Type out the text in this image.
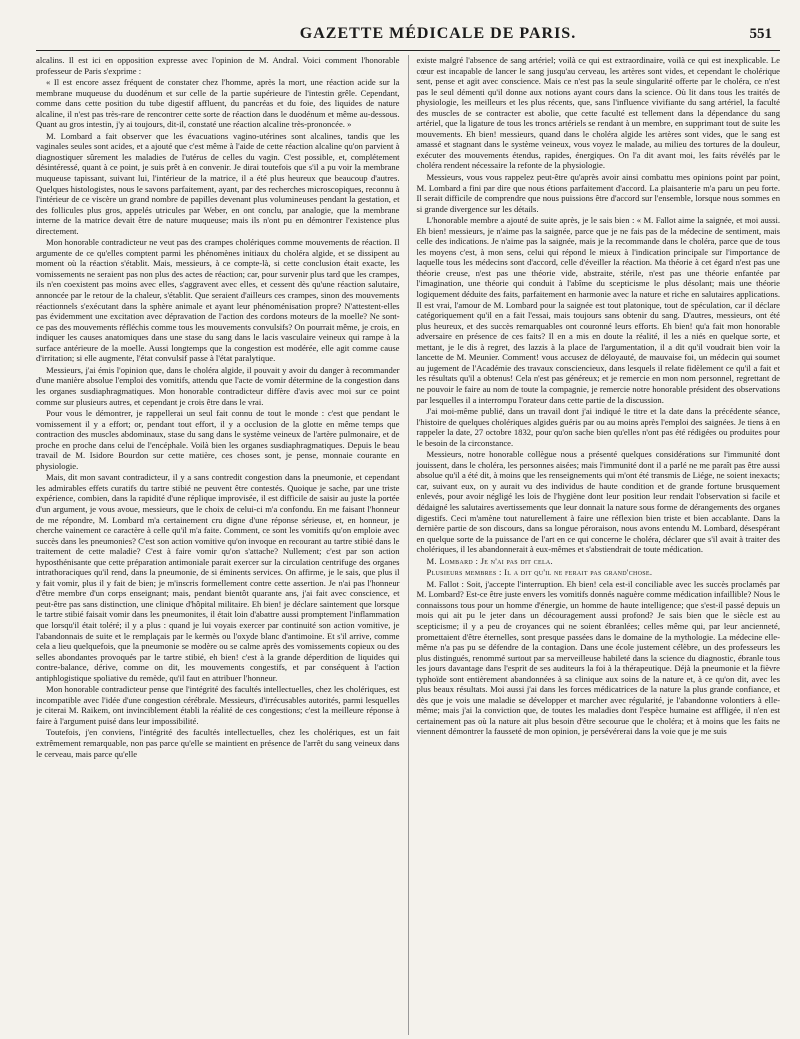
GAZETTE MÉDICALE DE PARIS.	551

alcalins. Il est ici en opposition expresse avec l'opinion de M. Andral. Voici comment l'honorable professeur de Paris s'exprime :

« Il est encore assez fréquent de constater chez l'homme, après la mort, une réaction acide sur la membrane muqueuse du duodénum et sur celle de la partie supérieure de l'intestin grêle. Cependant, comme dans cette position du tube digestif affluent, du pancréas et du foie, des liquides de nature alcaline, il n'est pas très-rare de rencontrer cette sorte de réaction dans le duodénum et même au-dessous. Quant au gros intestin, j'y ai toujours, dit-il, constaté une réaction alcaline très-prononcée. »

M. Lombard a fait observer que les évacuations vagino-utérines sont alcalines, tandis que les vaginales seules sont acides, et a ajouté que c'est même à l'aide de cette réaction alcaline qu'on parvient à diagnostiquer sûrement les maladies de l'utérus de celles du vagin. C'est possible, et, complétement désintéressé, quant à ce point, je suis prêt à en convenir. Je dirai toutefois que s'il a pu voir la membrane muqueuse tapissant, suivant lui, l'intérieur de la matrice, il a été plus heureux que beaucoup d'autres. Quelques histologistes, nous le savons parfaitement, ayant, par des recherches microscopiques, reconnu à l'intérieur de ce viscère un grand nombre de papilles devenant plus volumineuses pendant la gestation, et des follicules plus gros, appelés utricules par Weber, en ont conclu, par analogie, que la membrane interne de la matrice devait être de nature muqueuse; mais ils n'ont pu en démontrer l'existence plus directement.

Mon honorable contradicteur ne veut pas des crampes cholériques comme mouvements de réaction. Il argumente de ce qu'elles comptent parmi les phénomènes initiaux du choléra algide, et se dissipent au moment où la réaction s'établit. Mais, messieurs, à ce compte-là, si cette conclusion était exacte, les vomissements ne seraient pas non plus des actes de réaction; car, pour survenir plus tard que les crampes, ils n'en coexistent pas moins avec elles, s'aggravent avec elles, et cessent dès qu'une réaction salutaire, annoncée par le retour de la chaleur, s'établit. Que seraient d'ailleurs ces crampes, sinon des mouvements réactionnels s'exécutant dans la sphère animale et ayant leur phénoménisation propre? N'attestent-elles pas évidemment une excitation avec dépravation de l'action des cordons moteurs de la moelle? Ne sont-ce pas des mouvements réfléchis comme tous les mouvements convulsifs? On pourrait même, je crois, en indiquer les causes anatomiques dans une stase du sang dans le lacis vasculaire veineux qui rampe à la surface antérieure de la moelle. Aussi longtemps que la congestion est modérée, elle agit comme cause d'irritation; si elle augmente, l'état convulsif passe à l'état paralytique.

Messieurs, j'ai émis l'opinion que, dans le choléra algide, il pouvait y avoir du danger à recommander d'une manière absolue l'emploi des vomitifs, attendu que l'acte de vomir détermine de la congestion dans les organes susdiaphragmatiques. Mon honorable contradicteur diffère d'avis avec moi sur ce point comme sur plusieurs autres, et cependant je crois être dans le vrai.

Pour vous le démontrer, je rappellerai un seul fait connu de tout le monde : c'est que pendant le vomissement il y a effort; or, pendant tout effort, il y a occlusion de la glotte en même temps que contraction des muscles abdominaux, stase du sang dans le système veineux de l'artère pulmonaire, et de proche en proche dans celui de l'encéphale. Voilà bien les organes susdiaphragmatiques. Depuis le beau travail de M. Isidore Bourdon sur cette matière, ces choses sont, je pense, monnaie courante en physiologie.

Mais, dit mon savant contradicteur, il y a sans contredit congestion dans la pneumonie, et cependant les admirables effets curatifs du tartre stibié ne peuvent être contestés. Quoique je sache, par une triste expérience, combien, dans la rapidité d'une réplique improvisée, il est difficile de saisir au juste la portée d'un argument, je vous avoue, messieurs, que le choix de celui-ci m'a confondu. En me faisant l'honneur de me répondre, M. Lombard m'a certainement cru digne d'une réponse sérieuse, et, en honneur, je cherche vainement ce caractère à celle qu'il m'a faite. Comment, ce sont les vomitifs qu'on emploie avec succès dans les pneumonies? C'est son action vomitive qu'on invoque en recourant au tartre stibié dans le traitement de cette maladie? C'est à faire vomir qu'on s'attache? Nullement; c'est par son action hyposthénisante que cette préparation antimoniale parait exercer sur la circulation centrifuge des organes intrathoraciques qu'il rend, dans la pneumonie, de si éminents services. On affirme, je le sais, que plus il y fait vomir, plus il y fait de bien; je m'inscris formellement contre cette assertion. Je n'ai pas l'honneur d'être membre d'un corps enseignant; mais, pendant bientôt quarante ans, j'ai fait avec conscience, et peut-être pas sans distinction, une clinique d'hôpital militaire. Eh bien! je déclare saintement que lorsque le tartre stibié faisait vomir dans les pneumonites, il était loin d'abattre aussi promptement l'inflammation que lorsqu'il était toléré; il y a plus : quand je lui voyais exercer par continuité son action vomitive, je l'abandonnais de suite et le remplaçais par le kermès ou l'oxyde blanc d'antimoine. Et s'il arrive, comme cela a lieu quelquefois, que la pneumonie se modère ou se calme après des vomissements copieux ou des selles abondantes provoqués par le tartre stibié, eh bien! c'est à la grande déperdition de liquides qui contre-balance, dérive, comme on dit, les mouvements congestifs, et par conséquent à l'action antiphlogistique spoliative du remède, qu'il faut en attribuer l'honneur.

Mon honorable contradicteur pense que l'intégrité des facultés intellectuelles, chez les cholériques, est incompatible avec l'idée d'une congestion cérébrale. Messieurs, d'irrécusables autorités, parmi lesquelles je citerai M. Raikem, ont invinciblement établi la réalité de ces congestions; c'est la meilleure réponse à faire à l'argument puisé dans leur impossibilité.

Toutefois, j'en conviens, l'intégrité des facultés intellectuelles, chez les cholériques, est un fait extrêmement remarquable, non pas parce qu'elle se maintient en présence de l'arrêt du sang veineux dans le cerveau, mais parce qu'elle

existe malgré l'absence de sang artériel; voilà ce qui est extraordinaire, voilà ce qui est inexplicable. Le cœur est incapable de lancer le sang jusqu'au cerveau, les artères sont vides, et cependant le cholérique sent, pense et agit avec conscience. Mais ce n'est pas la seule singularité offerte par le choléra, ce n'est pas le seul démenti qu'il donne aux notions ayant cours dans la science. Où lit dans tous les traités de physiologie, les meilleurs et les plus récents, que, sans l'influence vivifiante du sang artériel, la faculté des muscles de se contracter est abolie, que cette faculté est tellement dans la dépendance du sang artériel, que la ligature de tous les troncs artériels se rendant à un membre, en supprimant tout de suite les mouvements. Eh bien! messieurs, quand dans le choléra algide les artères sont vides, que le sang est amassé et stagnant dans le système veineux, vous voyez le malade, au milieu des tortures de la douleur, exécuter des mouvements étendus, rapides, énergiques. On l'a dit avant moi, les faits révélés par le choléra rendent nécessaire la refonte de la physiologie.

Messieurs, vous vous rappelez peut-être qu'après avoir ainsi combattu mes opinions point par point, M. Lombard a fini par dire que nous étions parfaitement d'accord. La plaisanterie m'a paru un peu forte. Il serait difficile de comprendre que nous puissions être d'accord sur l'ensemble, lorsque nous sommes en si grande divergence sur les détails.

L'honorable membre a ajouté de suite après, je le sais bien : « M. Fallot aime la saignée, et moi aussi. Eh bien! messieurs, je n'aime pas la saignée, parce que je ne fais pas de la médecine de sentiment, mais celle des indications. Je n'aime pas la saignée, mais je la recommande dans le choléra, parce que de tous les moyens c'est, à mon sens, celui qui répond le mieux à l'indication principale sur l'importance de laquelle tous les médecins sont d'accord, celle d'éveiller la réaction. Ma théorie à cet égard n'est pas une théorie creuse, n'est pas une théorie vide, abstraite, stérile, n'est pas une théorie enfantée par l'imagination, une théorie qui conduit à l'abîme du scepticisme le plus désolant; mais une théorie logiquement déduite des faits, parfaitement en harmonie avec la nature et riche en salutaires applications. Il est vrai, l'amour de M. Lombard pour la saignée est tout platonique, tout de spéculation, car il déclare catégoriquement qu'il en a fait l'essai, mais toujours sans obtenir du sang. D'autres, messieurs, ont été plus heureux, et des succès remarquables ont couronné leurs efforts. Eh bien! qu'a fait mon honorable adversaire en présence de ces faits? Il en a mis en doute la réalité, il les a niés en quelque sorte, et mettant, je le dis à regret, des lazzis à la place de l'argumentation, il a dit qu'il voudrait bien voir la lancette de M. Meunier. Comment! vous accusez de déloyauté, de mauvaise foi, un médecin qui soumet au jugement de l'Académie des travaux consciencieux, dans lesquels il relate fidèlement ce qu'il a fait et les résultats qu'il a obtenus! Cela n'est pas généreux; et je remercie en mon nom personnel, regrettant de ne pouvoir le faire au nom de toute la compagnie, je remercie notre honorable président des observations par lesquelles il a interrompu l'orateur dans cette partie de la discussion.

J'ai moi-même publié, dans un travail dont j'ai indiqué le titre et la date dans la précédente séance, l'histoire de quelques cholériques algides guéris par ou au moins après l'emploi des saignées. Je tiens à en rappeler la date, 27 octobre 1832, pour qu'on sache bien qu'elles n'ont pas été rédigées ou produites pour le besoin de la circonstance.

Messieurs, notre honorable collègue nous a présenté quelques considérations sur l'immunité dont jouissent, dans le choléra, les personnes aisées; mais l'immunité dont il a parlé ne me paraît pas être aussi absolue qu'il a été dit, à moins que les renseignements qui m'ont été transmis de Liége, ne soient inexacts; car, suivant eux, on y aurait vu des individus de haute condition et de grande fortune brusquement enlevés, pour avoir négligé les lois de l'hygiène dont leur position leur rendait l'observation si facile et dédaigné les salutaires avertissements que leur donnait la nature sous forme de dérangements des organes digestifs. Ceci m'amène tout naturellement à faire une réflexion bien triste et bien accablante. Dans la dernière partie de son discours, dans sa longue péroraison, nous avons entendu M. Lombard, désespérant en quelque sorte de la puissance de l'art en ce qui concerne le choléra, déclarer que s'il avait à traiter des cholériques, il les abandonnerait à eux-mêmes et s'abstiendrait de toute médication.

M. Lombard : Je n'ai pas dit cela.

Plusieurs membres : Il a dit qu'il ne ferait pas grand'chose.

M. Fallot : Soit, j'accepte l'interruption. Eh bien! cela est-il conciliable avec les succès proclamés par M. Lombard? Est-ce être juste envers les vomitifs donnés naguère comme médication infaillible? Nous le connaissons tous pour un homme d'énergie, un homme de haute intelligence; que s'est-il passé depuis un mois qui ait pu le jeter dans un découragement aussi profond? Je sais bien que le siècle est au scepticisme; il y a peu de croyances qui ne soient ébranlées; celles même qui, par leur ancienneté, promettaient d'être éternelles, sont presque passées dans le domaine de la mythologie. La médecine elle-même n'a pas pu se défendre de la contagion. Dans une école justement célèbre, un des professeurs les plus distingués, renommé surtout par sa merveilleuse habileté dans la science du diagnostic, ébranle tous les jours davantage dans l'esprit de ses auditeurs la foi à la thérapeutique. Déjà la pneumonie et la fièvre typhoïde sont entièrement abandonnées à sa clinique aux soins de la nature et, à ce qu'on dit, avec les plus beaux résultats. Moi aussi j'ai dans les forces médicatrices de la nature la plus grande confiance, et dès que je vois une maladie se développer et marcher avec régularité, je l'abandonne volontiers à elle-même; mais j'ai la conviction que, de toutes les maladies dont l'espèce humaine est affligée, il n'en est certainement pas où la nature ait plus besoin d'être secourue que le choléra; et à moins que les faits ne viennent démontrer la fausseté de mon opinion, je persévérerai dans la voie que je me suis
